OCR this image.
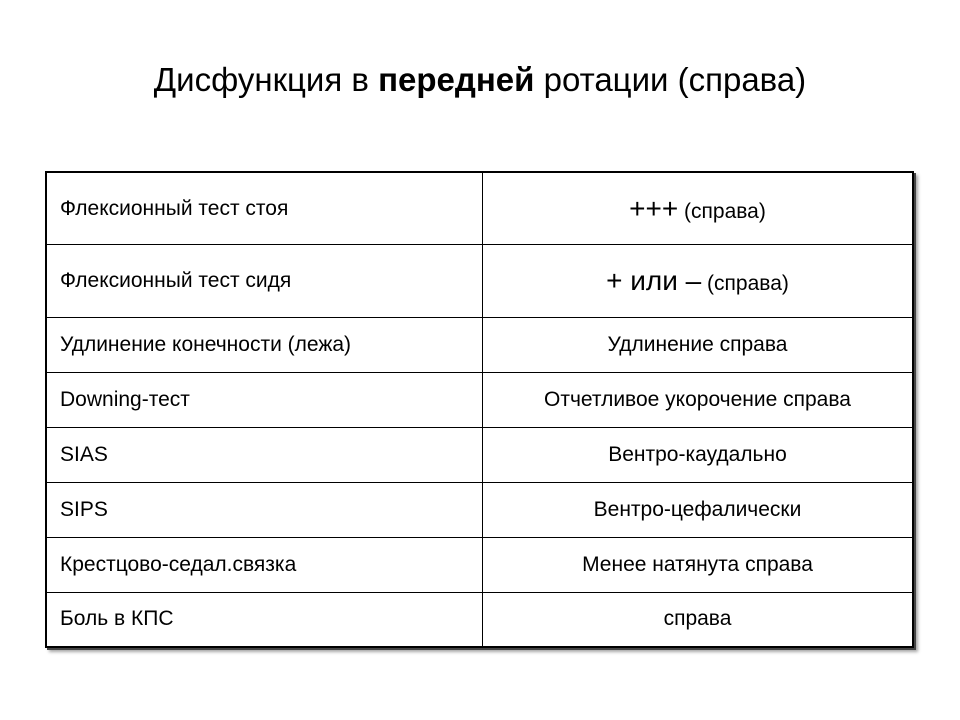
Дисфункция в передней ротации (справа)
Флексионный тест стоя	+++ (справа)
Флексионный тест сидя	+ или – (справа)
Удлинение конечности (лежа)	Удлинение справа
Downing-тест	Отчетливое укорочение справа
SIAS	Вентро-каудально
SIPS	Вентро-цефалически
Крестцово-седал.связка	Менее натянута справа
Боль в КПС	справа
